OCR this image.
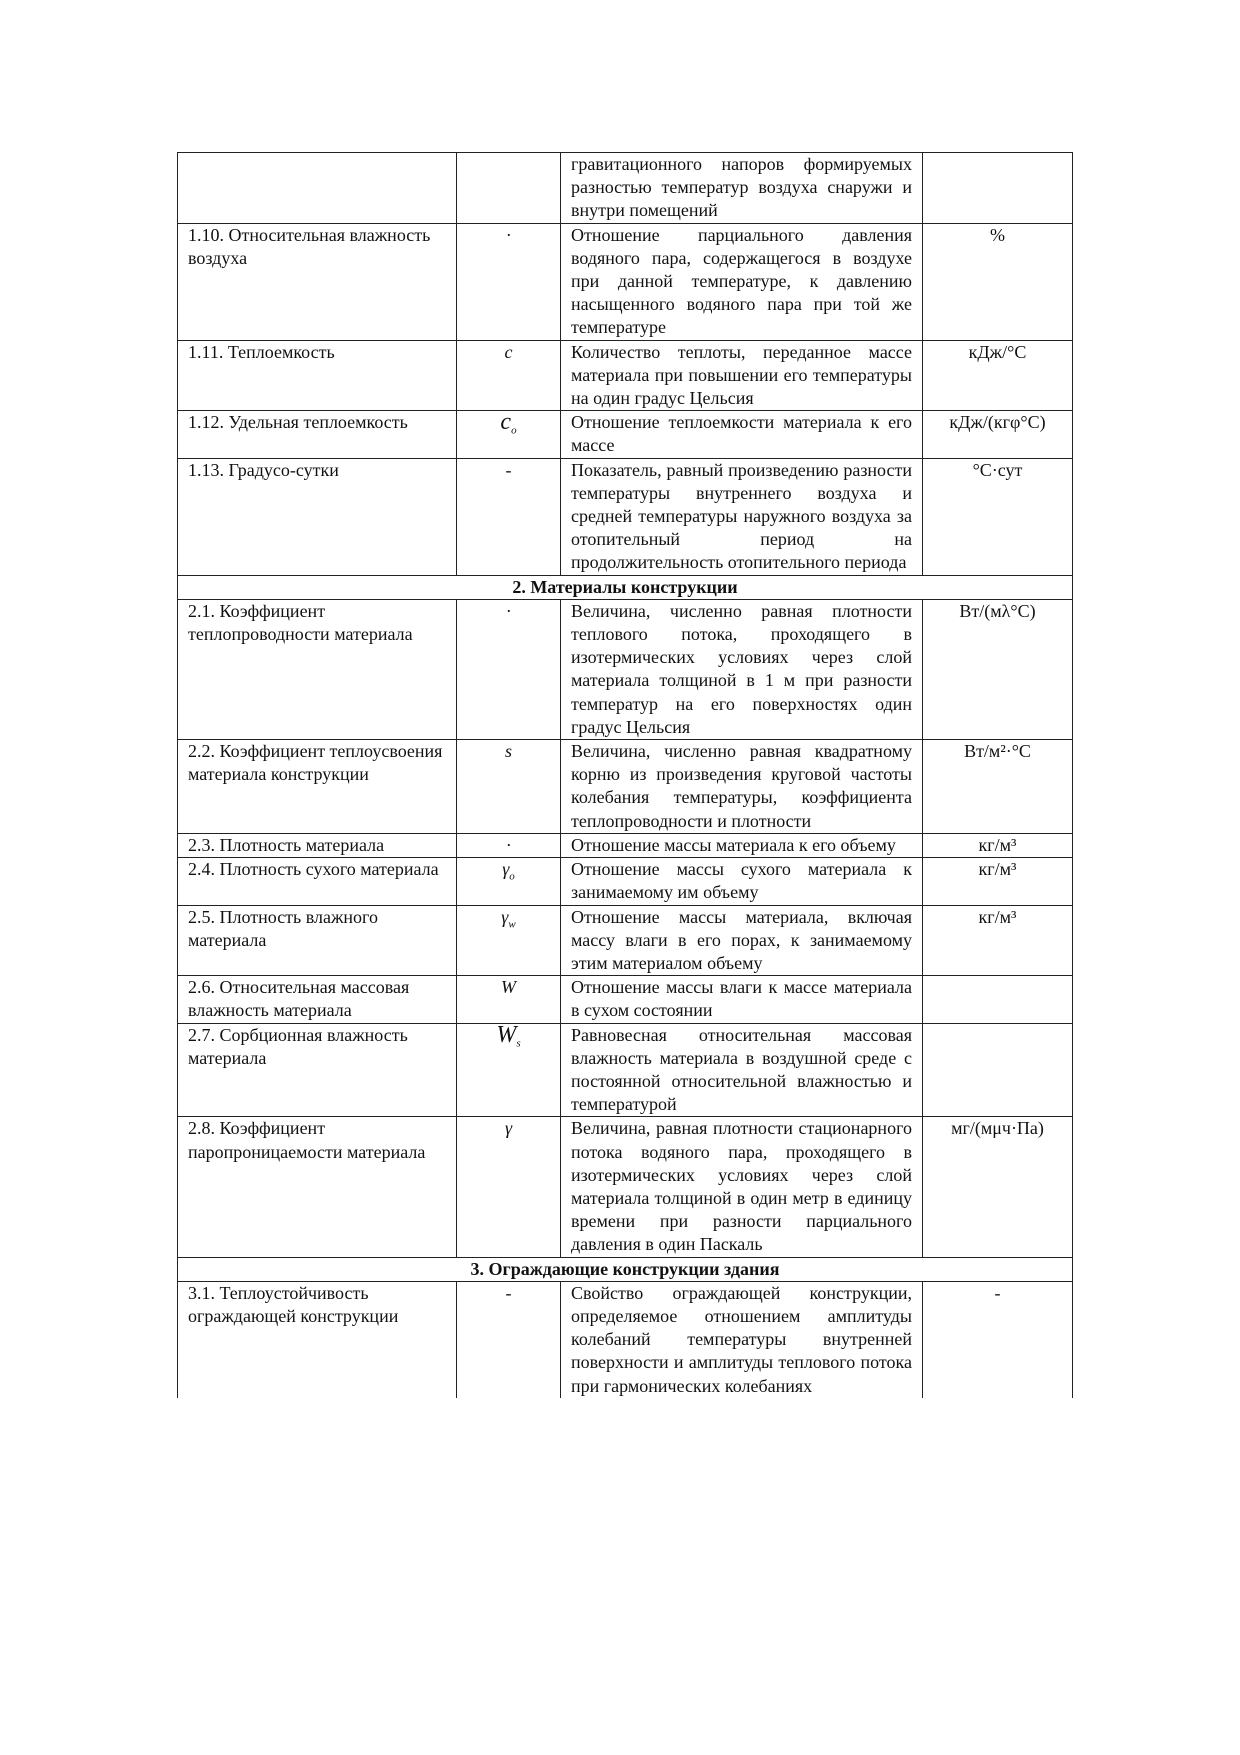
		гравитационного напоров формируемых разностью температур воздуха снаружи и внутри помещений	
1.10. Относительная влажность воздуха	·	Отношение парциального давления водяного пара, содержащегося в воздухе при данной температуре, к давлению насыщенного водяного пара при той же температуре	%
1.11. Теплоемкость	c	Количество теплоты, переданное массе материала при повышении его температуры на один градус Цельсия	кДж/°С
1.12. Удельная теплоемкость	$c_o$	Отношение теплоемкости материала к его массе	кДж/(кгφ°С)
1.13. Градусо-сутки	-	Показатель, равный произведению разности температуры внутреннего воздуха и средней температуры наружного воздуха за отопительный период на продолжительность отопительного периода	°С·сут
2. Материалы конструкции			
2.1. Коэффициент теплопроводности материала	·	Величина, численно равная плотности теплового потока, проходящего в изотермических условиях через слой материала толщиной в 1 м при разности температур на его поверхностях один градус Цельсия	Вт/(мλ°С)
2.2. Коэффициент теплоусвоения материала конструкции	s	Величина, численно равная квадратному корню из произведения круговой частоты колебания температуры, коэффициента теплопроводности и плотности	Вт/м²·°С
2.3. Плотность материала	·	Отношение массы материала к его объему	кг/м³
2.4. Плотность сухого материала	$\gamma_o$	Отношение массы сухого материала к занимаемому им объему	кг/м³
2.5. Плотность влажного материала	$\gamma_w$	Отношение массы материала, включая массу влаги в его порах, к занимаемому этим материалом объему	кг/м³
2.6. Относительная массовая влажность материала	W	Отношение массы влаги к массе материала в сухом состоянии	
2.7. Сорбционная влажность материала	$W_s$	Равновесная относительная массовая влажность материала в воздушной среде с постоянной относительной влажностью и температурой	
2.8. Коэффициент паропроницаемости материала	γ	Величина, равная плотности стационарного потока водяного пара, проходящего в изотермических условиях через слой материала толщиной в один метр в единицу времени при разности парциального давления в один Паскаль	мг/(мμч·Па)
3. Ограждающие конструкции здания			
3.1. Теплоустойчивость ограждающей конструкции	-	Свойство ограждающей конструкции, определяемое отношением амплитуды колебаний температуры внутренней поверхности и амплитуды теплового потока при гармонических колебаниях	-
